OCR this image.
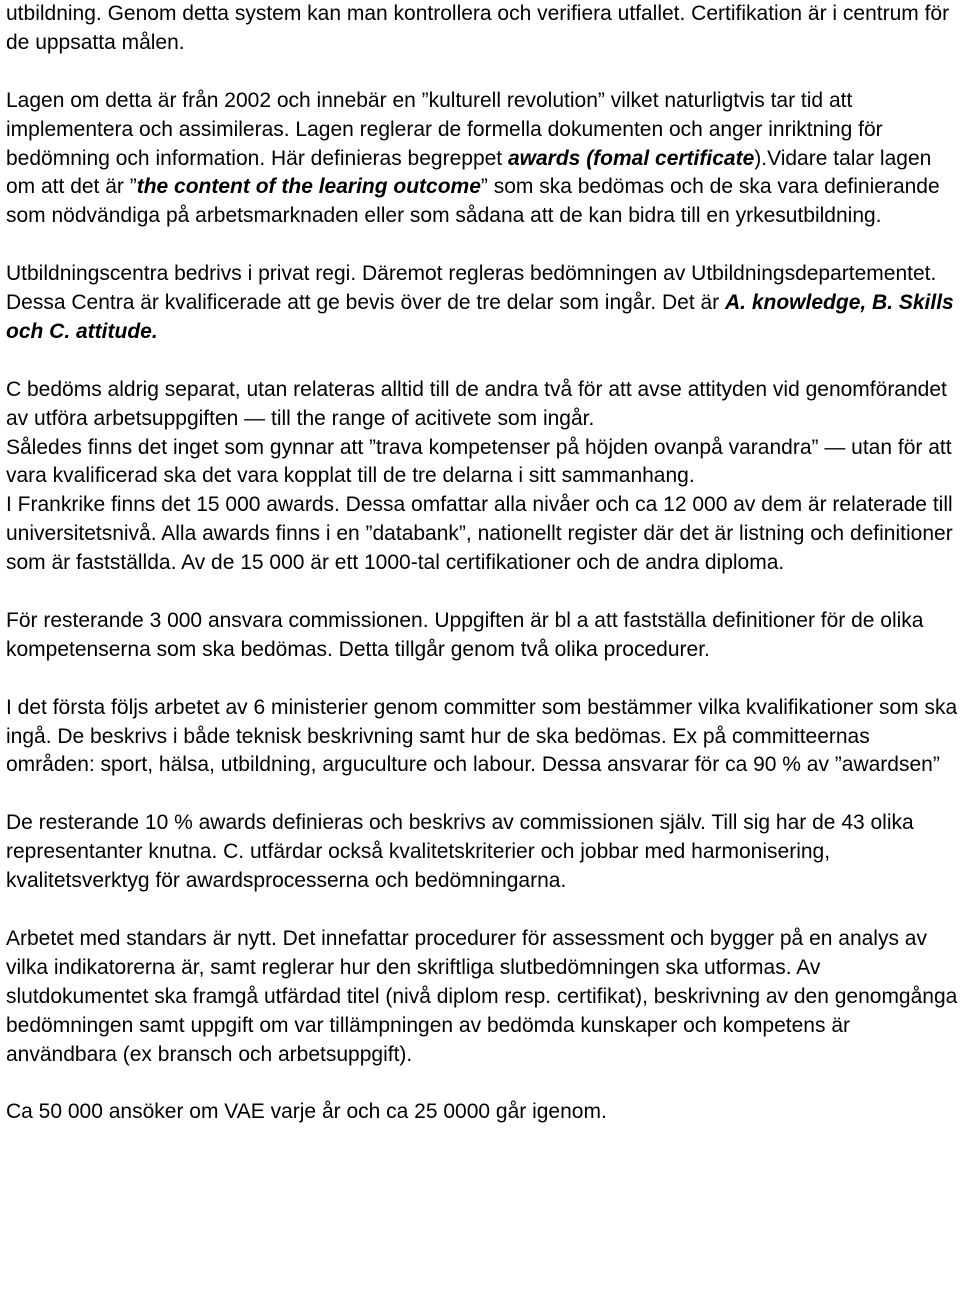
utbildning. Genom detta system kan man kontrollera och verifiera utfallet. Certifikation är i centrum för de uppsatta målen.

Lagen om detta är från 2002 och innebär en ”kulturell revolution” vilket naturligtvis tar tid att implementera och assimileras. Lagen reglerar de formella dokumenten och anger inriktning för bedömning och information. Här definieras begreppet awards (fomal certificate).Vidare talar lagen om att det är ”the content of the learing outcome” som ska bedömas och de ska vara definierande som nödvändiga på arbetsmarknaden eller som sådana att de kan bidra till en yrkesutbildning.

Utbildningscentra bedrivs i privat regi. Däremot regleras bedömningen av Utbildningsdepartementet. Dessa Centra är kvalificerade att ge bevis över de tre delar som ingår. Det är A. knowledge, B. Skills och C. attitude.

C bedöms aldrig separat, utan relateras alltid till de andra två för att avse attityden vid genomförandet av utföra arbetsuppgiften — till the range of acitivete som ingår.

Således finns det inget som gynnar att ”trava kompetenser på höjden ovanpå varandra” — utan för att vara kvalificerad ska det vara kopplat till de tre delarna i sitt sammanhang.

I Frankrike finns det 15 000 awards. Dessa omfattar alla nivåer och ca 12 000 av dem är relaterade till universitetsnivå. Alla awards finns i en ”databank”, nationellt register där det är listning och definitioner som är fastställda. Av de 15 000 är ett 1000-tal certifikationer och de andra diploma.

För resterande 3 000 ansvara commissionen. Uppgiften är bl a att fastställa definitioner för de olika kompetenserna som ska bedömas. Detta tillgår genom två olika procedurer.

I det första följs arbetet av 6 ministerier genom committer som bestämmer vilka kvalifikationer som ska ingå. De beskrivs i både teknisk beskrivning samt hur de ska bedömas. Ex på committeernas områden: sport, hälsa, utbildning, arguculture och labour. Dessa ansvarar för ca 90 % av ”awardsen”

De resterande 10 % awards definieras och beskrivs av commissionen själv. Till sig har de 43 olika representanter knutna. C. utfärdar också kvalitetskriterier och jobbar med harmonisering, kvalitetsverktyg för awardsprocesserna och bedömningarna.

Arbetet med standars är nytt. Det innefattar procedurer för assessment och bygger på en analys av vilka indikatorerna är, samt reglerar hur den skriftliga slutbedömningen ska utformas. Av slutdokumentet ska framgå utfärdad titel (nivå diplom resp. certifikat), beskrivning av den genomgånga bedömningen samt uppgift om var tillämpningen av bedömda kunskaper och kompetens är användbara (ex bransch och arbetsuppgift).

Ca 50 000 ansöker om VAE varje år och ca 25 0000 går igenom.
